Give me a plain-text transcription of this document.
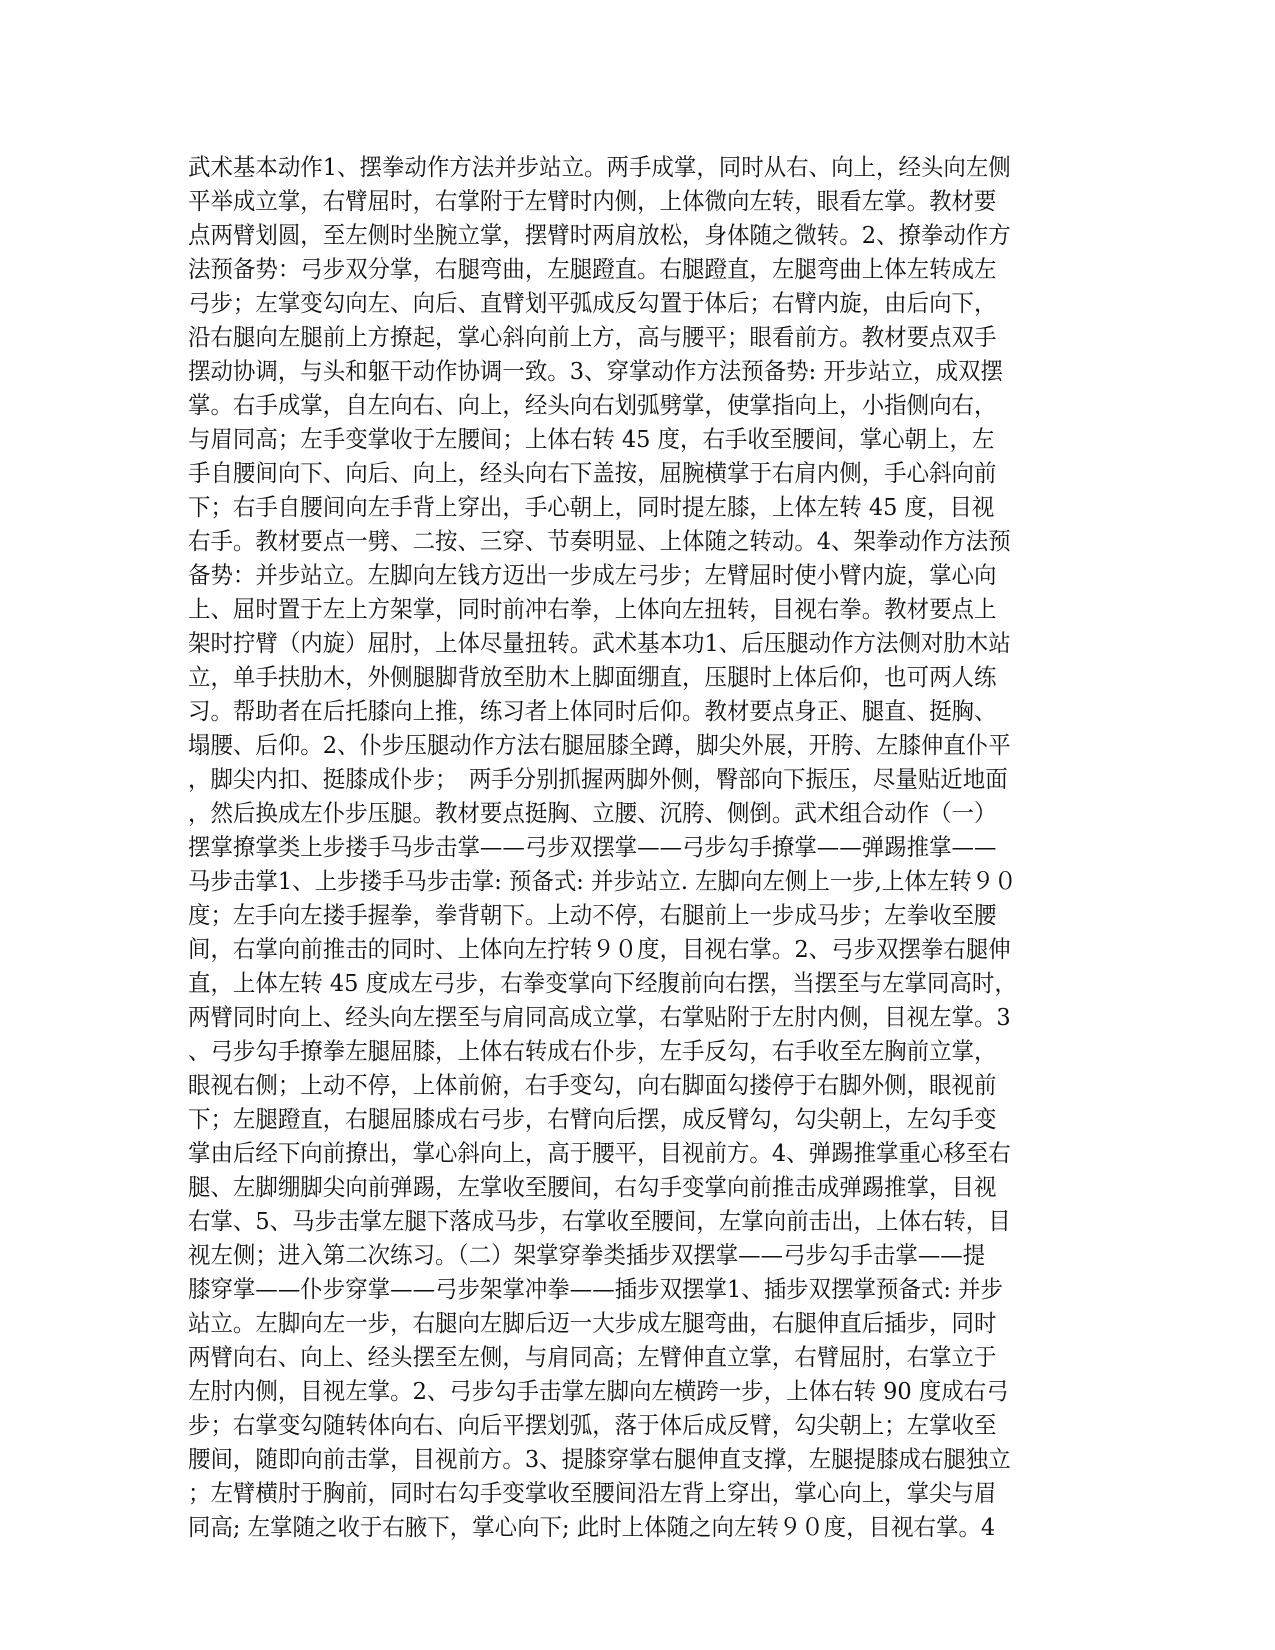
武术基本动作1、摆拳动作方法并步站立。两手成掌，同时从右、向上，经头向左侧
平举成立掌，右臂屈时，右掌附于左臂时内侧，上体微向左转，眼看左掌。教材要
点两臂划圆，至左侧时坐腕立掌，摆臂时两肩放松，身体随之微转。2、撩拳动作方
法预备势：弓步双分掌，右腿弯曲，左腿蹬直。右腿蹬直，左腿弯曲上体左转成左
弓步；左掌变勾向左、向后、直臂划平弧成反勾置于体后；右臂内旋，由后向下，
沿右腿向左腿前上方撩起，掌心斜向前上方，高与腰平；眼看前方。教材要点双手
摆动协调，与头和躯干动作协调一致。3、穿掌动作方法预备势: 开步站立，成双摆
掌。右手成掌，自左向右、向上，经头向右划弧劈掌，使掌指向上，小指侧向右，
与眉同高；左手变掌收于左腰间；上体右转 45 度，右手收至腰间，掌心朝上，左
手自腰间向下、向后、向上，经头向右下盖按，屈腕横掌于右肩内侧，手心斜向前
下；右手自腰间向左手背上穿出，手心朝上，同时提左膝，上体左转 45 度，目视
右手。教材要点一劈、二按、三穿、节奏明显、上体随之转动。4、架拳动作方法预
备势：并步站立。左脚向左钱方迈出一步成左弓步；左臂屈时使小臂内旋，掌心向
上、屈时置于左上方架掌，同时前冲右拳，上体向左扭转，目视右拳。教材要点上
架时拧臂（内旋）屈肘，上体尽量扭转。武术基本功1、后压腿动作方法侧对肋木站
立，单手扶肋木，外侧腿脚背放至肋木上脚面绷直，压腿时上体后仰，也可两人练
习。帮助者在后托膝向上推，练习者上体同时后仰。教材要点身正、腿直、挺胸、
塌腰、后仰。2、仆步压腿动作方法右腿屈膝全蹲，脚尖外展，开胯、左膝伸直仆平
，脚尖内扣、挺膝成仆步；　两手分别抓握两脚外侧，臀部向下振压，尽量贴近地面
，然后换成左仆步压腿。教材要点挺胸、立腰、沉胯、侧倒。武术组合动作（一）
摆掌撩掌类上步搂手马步击掌——弓步双摆掌——弓步勾手撩掌——弹踢推掌——
马步击掌1、上步搂手马步击掌: 预备式: 并步站立. 左脚向左侧上一步,上体左转９０
度；左手向左搂手握拳，拳背朝下。上动不停，右腿前上一步成马步；左拳收至腰
间，右掌向前推击的同时、上体向左拧转９０度，目视右掌。2、弓步双摆拳右腿伸
直，上体左转 45 度成左弓步，右拳变掌向下经腹前向右摆，当摆至与左掌同高时，
两臂同时向上、经头向左摆至与肩同高成立掌，右掌贴附于左肘内侧，目视左掌。3
、弓步勾手撩拳左腿屈膝，上体右转成右仆步，左手反勾，右手收至左胸前立掌，
眼视右侧；上动不停，上体前俯，右手变勾，向右脚面勾搂停于右脚外侧，眼视前
下；左腿蹬直，右腿屈膝成右弓步，右臂向后摆，成反臂勾，勾尖朝上，左勾手变
掌由后经下向前撩出，掌心斜向上，高于腰平，目视前方。4、弹踢推掌重心移至右
腿、左脚绷脚尖向前弹踢，左掌收至腰间，右勾手变掌向前推击成弹踢推掌，目视
右掌、5、马步击掌左腿下落成马步，右掌收至腰间，左掌向前击出，上体右转，目
视左侧；进入第二次练习。（二）架掌穿拳类插步双摆掌——弓步勾手击掌——提
膝穿掌——仆步穿掌——弓步架掌冲拳——插步双摆掌1、插步双摆掌预备式: 并步
站立。左脚向左一步，右腿向左脚后迈一大步成左腿弯曲，右腿伸直后插步，同时
两臂向右、向上、经头摆至左侧，与肩同高；左臂伸直立掌，右臂屈肘，右掌立于
左肘内侧，目视左掌。2、弓步勾手击掌左脚向左横跨一步，上体右转 90 度成右弓
步；右掌变勾随转体向右、向后平摆划弧，落于体后成反臂，勾尖朝上；左掌收至
腰间，随即向前击掌，目视前方。3、提膝穿掌右腿伸直支撑，左腿提膝成右腿独立
；左臂横肘于胸前，同时右勾手变掌收至腰间沿左背上穿出，掌心向上，掌尖与眉
同高; 左掌随之收于右腋下，掌心向下; 此时上体随之向左转９０度，目视右掌。4
